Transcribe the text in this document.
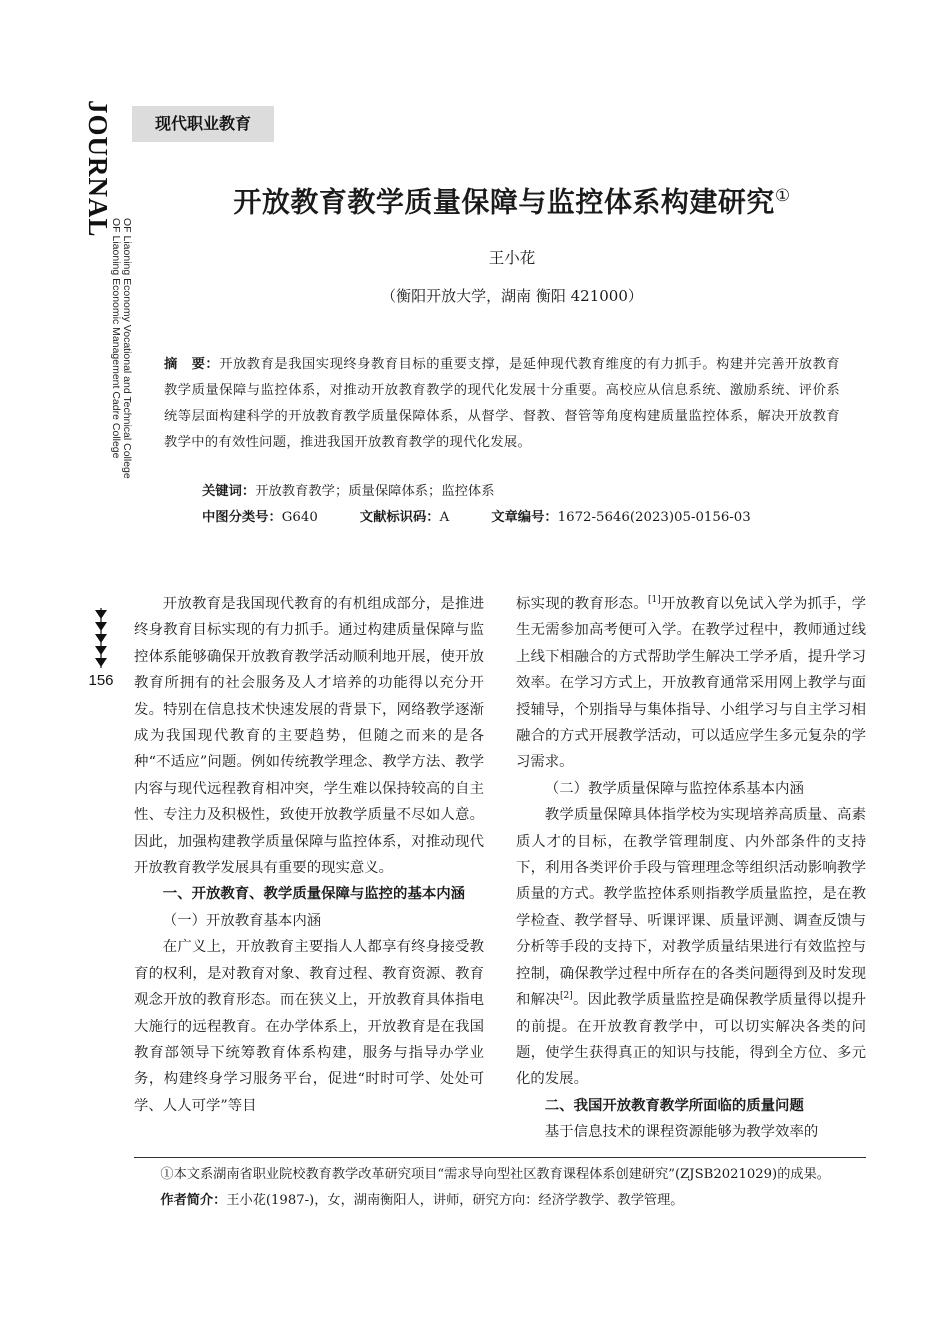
JOURNAL
OF Liaoning Economy Vocational and Technical College
OF Liaoning Economic Management Cadre College
现代职业教育
开放教育教学质量保障与监控体系构建研究①
王小花
（衡阳开放大学，湖南 衡阳 421000）
摘　要：开放教育是我国实现终身教育目标的重要支撑，是延伸现代教育维度的有力抓手。构建并完善开放教育教学质量保障与监控体系，对推动开放教育教学的现代化发展十分重要。高校应从信息系统、激励系统、评价系统等层面构建科学的开放教育教学质量保障体系，从督学、督教、督管等角度构建质量监控体系，解决开放教育教学中的有效性问题，推进我国开放教育教学的现代化发展。
关键词：开放教育教学；质量保障体系；监控体系
中图分类号：G640	文献标识码：A	文章编号：1672-5646(2023)05-0156-03
156

开放教育是我国现代教育的有机组成部分，是推进终身教育目标实现的有力抓手。通过构建质量保障与监控体系能够确保开放教育教学活动顺利地开展，使开放教育所拥有的社会服务及人才培养的功能得以充分开发。特别在信息技术快速发展的背景下，网络教学逐渐成为我国现代教育的主要趋势，但随之而来的是各种“不适应”问题。例如传统教学理念、教学方法、教学内容与现代远程教育相冲突，学生难以保持较高的自主性、专注力及积极性，致使开放教学质量不尽如人意。因此，加强构建教学质量保障与监控体系，对推动现代开放教育教学发展具有重要的现实意义。

一、开放教育、教学质量保障与监控的基本内涵
（一）开放教育基本内涵

在广义上，开放教育主要指人人都享有终身接受教育的权利，是对教育对象、教育过程、教育资源、教育观念开放的教育形态。而在狭义上，开放教育具体指电大施行的远程教育。在办学体系上，开放教育是在我国教育部领导下统筹教育体系构建，服务与指导办学业务，构建终身学习服务平台，促进“时时可学、处处可学、人人可学”等目

标实现的教育形态。[1]开放教育以免试入学为抓手，学生无需参加高考便可入学。在教学过程中，教师通过线上线下相融合的方式帮助学生解决工学矛盾，提升学习效率。在学习方式上，开放教育通常采用网上教学与面授辅导，个别指导与集体指导、小组学习与自主学习相融合的方式开展教学活动，可以适应学生多元复杂的学习需求。

（二）教学质量保障与监控体系基本内涵

教学质量保障具体指学校为实现培养高质量、高素质人才的目标，在教学管理制度、内外部条件的支持下，利用各类评价手段与管理理念等组织活动影响教学质量的方式。教学监控体系则指教学质量监控，是在教学检查、教学督导、听课评课、质量评测、调查反馈与分析等手段的支持下，对教学质量结果进行有效监控与控制，确保教学过程中所存在的各类问题得到及时发现和解决[2]。因此教学质量监控是确保教学质量得以提升的前提。在开放教育教学中，可以切实解决各类的问题，使学生获得真正的知识与技能，得到全方位、多元化的发展。

二、我国开放教育教学所面临的质量问题

基于信息技术的课程资源能够为教学效率的

①本文系湖南省职业院校教育教学改革研究项目“需求导向型社区教育课程体系创建研究”(ZJSB2021029)的成果。

作者简介：王小花(1987-)，女，湖南衡阳人，讲师，研究方向：经济学教学、教学管理。
